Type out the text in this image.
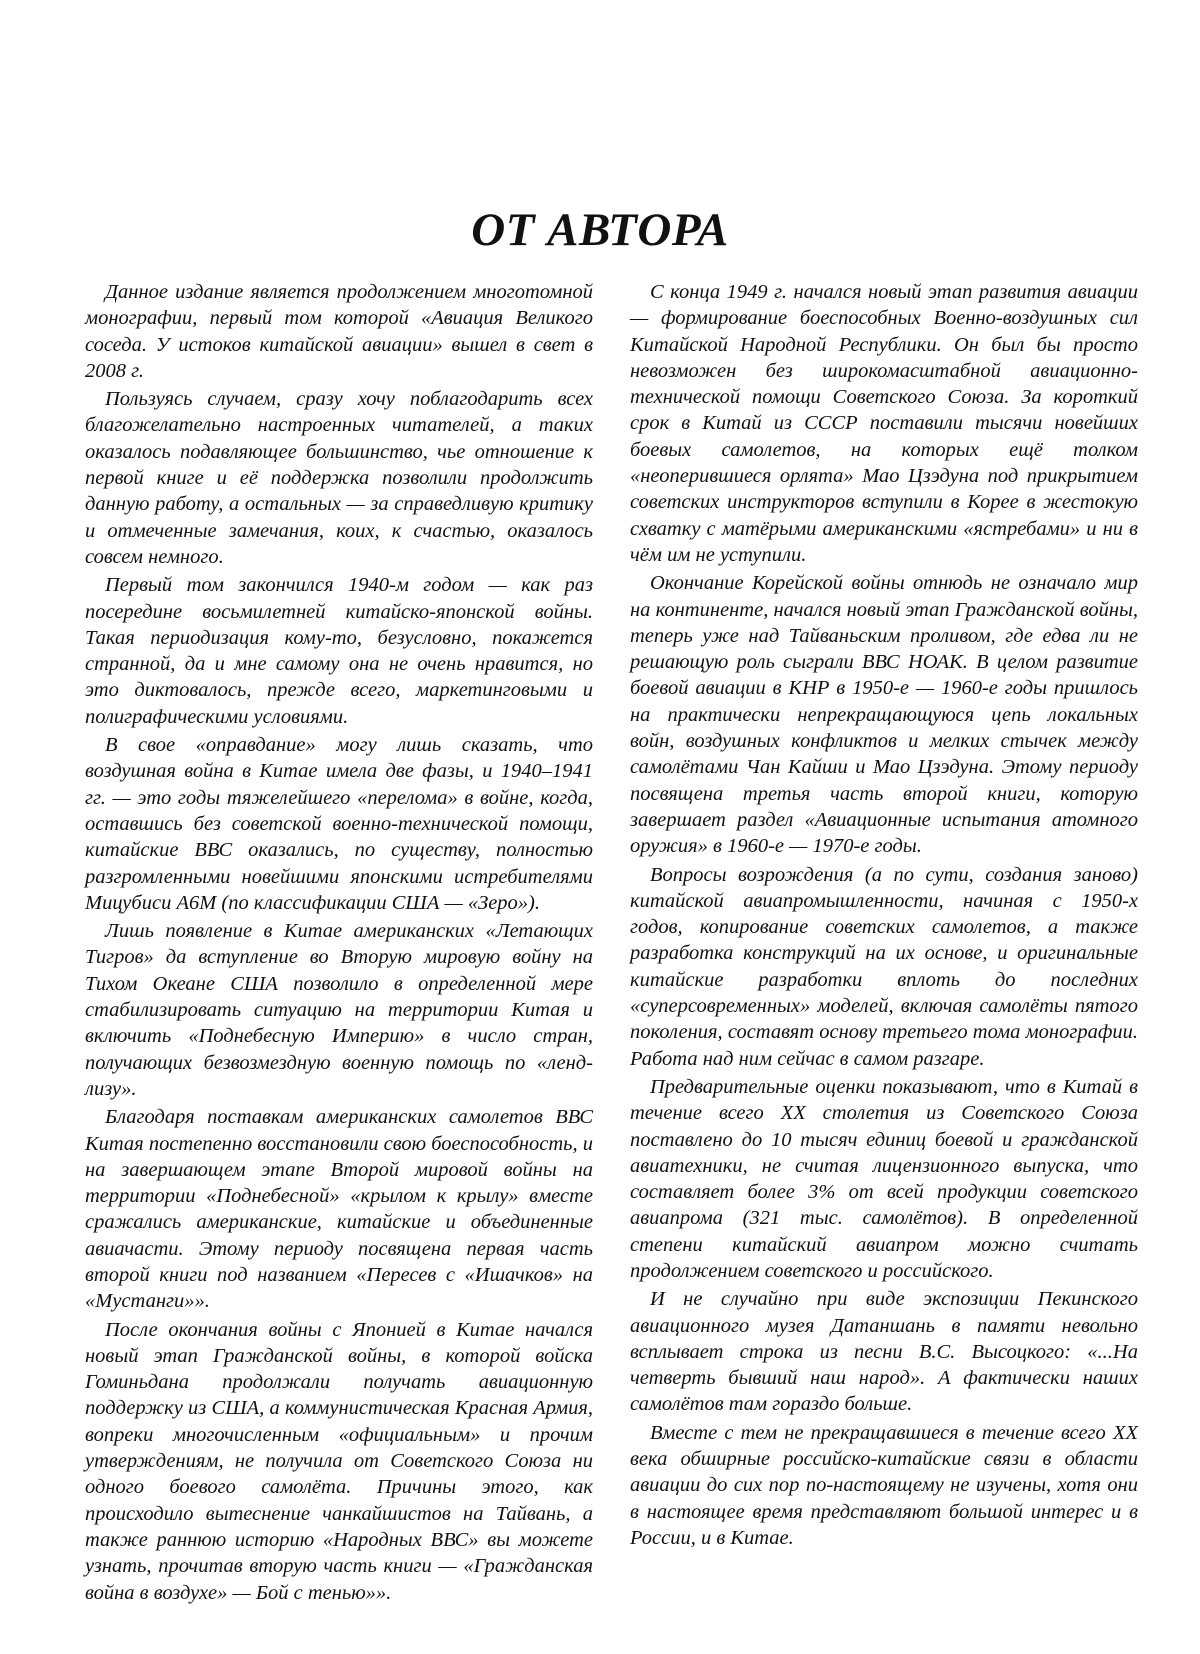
ОТ АВТОРА

Данное издание является продолжением многотомной монографии, первый том которой «Авиация Великого соседа. У истоков китайской авиации» вышел в свет в 2008 г.

Пользуясь случаем, сразу хочу поблагодарить всех благожелательно настроенных читателей, а таких оказалось подавляющее большинство, чье отношение к первой книге и её поддержка позволили продолжить данную работу, а остальных — за справедливую критику и отмеченные замечания, коих, к счастью, оказалось совсем немного.

Первый том закончился 1940-м годом — как раз посередине восьмилетней китайско-японской войны. Такая периодизация кому-то, безусловно, покажется странной, да и мне самому она не очень нравится, но это диктовалось, прежде всего, маркетинговыми и полиграфическими условиями.

В свое «оправдание» могу лишь сказать, что воздушная война в Китае имела две фазы, и 1940–1941 гг. — это годы тяжелейшего «перелома» в войне, когда, оставшись без советской военно-технической помощи, китайские ВВС оказались, по существу, полностью разгромленными новейшими японскими истребителями Мицубиси А6М (по классификации США — «Зеро»).

Лишь появление в Китае американских «Летающих Тигров» да вступление во Вторую мировую войну на Тихом Океане США позволило в определенной мере стабилизировать ситуацию на территории Китая и включить «Поднебесную Империю» в число стран, получающих безвозмездную военную помощь по «ленд-лизу».

Благодаря поставкам американских самолетов ВВС Китая постепенно восстановили свою боеспособность, и на завершающем этапе Второй мировой войны на территории «Поднебесной» «крылом к крылу» вместе сражались американские, китайские и объединенные авиачасти. Этому периоду посвящена первая часть второй книги под названием «Пересев с «Ишачков» на «Мустанги»».

После окончания войны с Японией в Китае начался новый этап Гражданской войны, в которой войска Гоминьдана продолжали получать авиационную поддержку из США, а коммунистическая Красная Армия, вопреки многочисленным «официальным» и прочим утверждениям, не получила от Советского Союза ни одного боевого самолёта. Причины этого, как происходило вытеснение чанкайшистов на Тайвань, а также раннюю историю «Народных ВВС» вы можете узнать, прочитав вторую часть книги — «Гражданская война в воздухе» — Бой с тенью»».

С конца 1949 г. начался новый этап развития авиации — формирование боеспособных Военно-воздушных сил Китайской Народной Республики. Он был бы просто невозможен без широкомасштабной авиационно-технической помощи Советского Союза. За короткий срок в Китай из СССР поставили тысячи новейших боевых самолетов, на которых ещё толком «неоперившиеся орлята» Мао Цзэдуна под прикрытием советских инструкторов вступили в Корее в жестокую схватку с матёрыми американскими «ястребами» и ни в чём им не уступили.

Окончание Корейской войны отнюдь не означало мир на континенте, начался новый этап Гражданской войны, теперь уже над Тайваньским проливом, где едва ли не решающую роль сыграли ВВС НОАК. В целом развитие боевой авиации в КНР в 1950-е — 1960-е годы пришлось на практически непрекращающуюся цепь локальных войн, воздушных конфликтов и мелких стычек между самолётами Чан Кайши и Мао Цзэдуна. Этому периоду посвящена третья часть второй книги, которую завершает раздел «Авиационные испытания атомного оружия» в 1960-е — 1970-е годы.

Вопросы возрождения (а по сути, создания заново) китайской авиапромышленности, начиная с 1950-х годов, копирование советских самолетов, а также разработка конструкций на их основе, и оригинальные китайские разработки вплоть до последних «суперсовременных» моделей, включая самолёты пятого поколения, составят основу третьего тома монографии. Работа над ним сейчас в самом разгаре.

Предварительные оценки показывают, что в Китай в течение всего ХХ столетия из Советского Союза поставлено до 10 тысяч единиц боевой и гражданской авиатехники, не считая лицензионного выпуска, что составляет более 3% от всей продукции советского авиапрома (321 тыс. самолётов). В определенной степени китайский авиапром можно считать продолжением советского и российского.

И не случайно при виде экспозиции Пекинского авиационного музея Датаншань в памяти невольно всплывает строка из песни В.С. Высоцкого: «...На четверть бывший наш народ». А фактически наших самолётов там гораздо больше.

Вместе с тем не прекращавшиеся в течение всего ХХ века обширные российско-китайские связи в области авиации до сих пор по-настоящему не изучены, хотя они в настоящее время представляют большой интерес и в России, и в Китае.
